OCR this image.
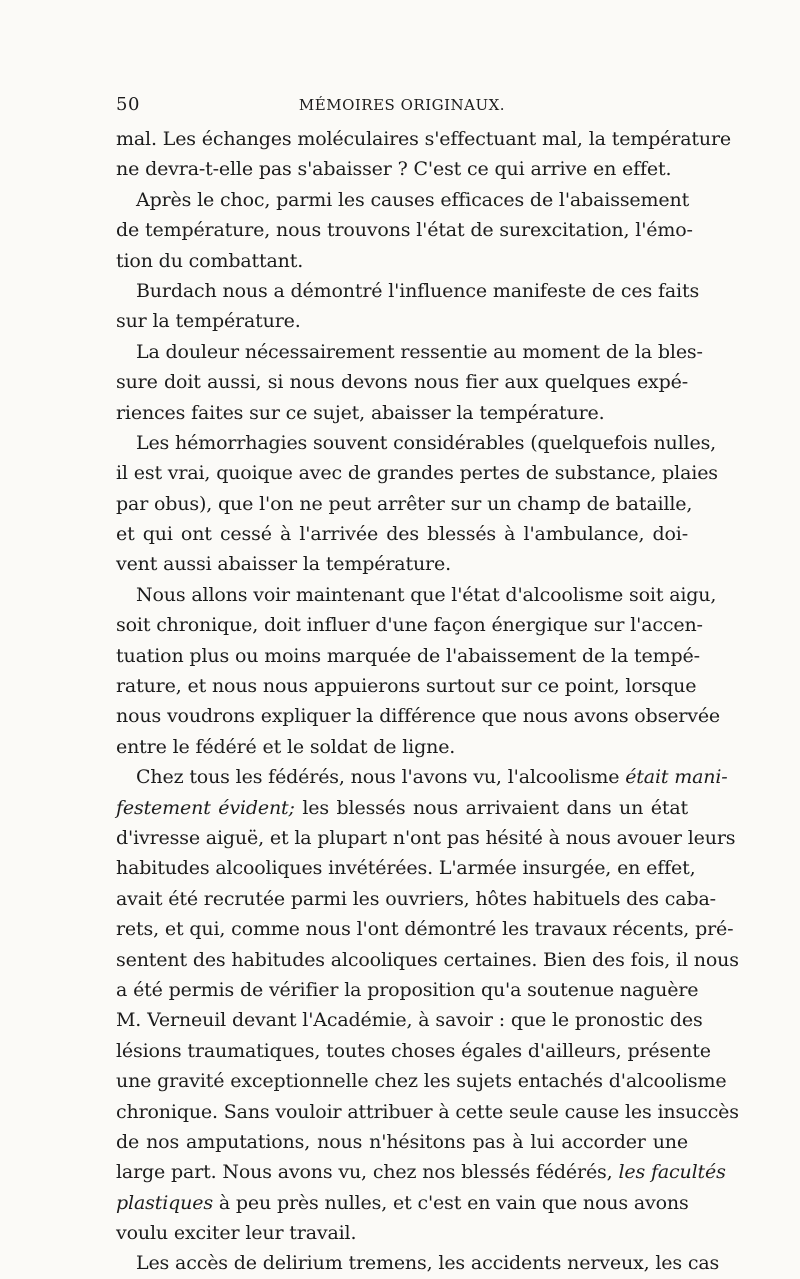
50	MÉMOIRES ORIGINAUX.
mal. Les échanges moléculaires s'effectuant mal, la température
ne devra-t-elle pas s'abaisser ? C'est ce qui arrive en effet.
Après le choc, parmi les causes efficaces de l'abaissement
de température, nous trouvons l'état de surexcitation, l'émo-
tion du combattant.
Burdach nous a démontré l'influence manifeste de ces faits
sur la température.
La douleur nécessairement ressentie au moment de la bles-
sure doit aussi, si nous devons nous fier aux quelques expé-
riences faites sur ce sujet, abaisser la température.
Les hémorrhagies souvent considérables (quelquefois nulles,
il est vrai, quoique avec de grandes pertes de substance, plaies
par obus), que l'on ne peut arrêter sur un champ de bataille,
et qui ont cessé à l'arrivée des blessés à l'ambulance, doi-
vent aussi abaisser la température.
Nous allons voir maintenant que l'état d'alcoolisme soit aigu,
soit chronique, doit influer d'une façon énergique sur l'accen-
tuation plus ou moins marquée de l'abaissement de la tempé-
rature, et nous nous appuierons surtout sur ce point, lorsque
nous voudrons expliquer la différence que nous avons observée
entre le fédéré et le soldat de ligne.
Chez tous les fédérés, nous l'avons vu, l'alcoolisme était mani-
festement évident; les blessés nous arrivaient dans un état
d'ivresse aiguë, et la plupart n'ont pas hésité à nous avouer leurs
habitudes alcooliques invétérées. L'armée insurgée, en effet,
avait été recrutée parmi les ouvriers, hôtes habituels des caba-
rets, et qui, comme nous l'ont démontré les travaux récents, pré-
sentent des habitudes alcooliques certaines. Bien des fois, il nous
a été permis de vérifier la proposition qu'a soutenue naguère
M. Verneuil devant l'Académie, à savoir : que le pronostic des
lésions traumatiques, toutes choses égales d'ailleurs, présente
une gravité exceptionnelle chez les sujets entachés d'alcoolisme
chronique. Sans vouloir attribuer à cette seule cause les insuccès
de nos amputations, nous n'hésitons pas à lui accorder une
large part. Nous avons vu, chez nos blessés fédérés, les facultés
plastiques à peu près nulles, et c'est en vain que nous avons
voulu exciter leur travail.
Les accès de delirium tremens, les accidents nerveux, les cas
